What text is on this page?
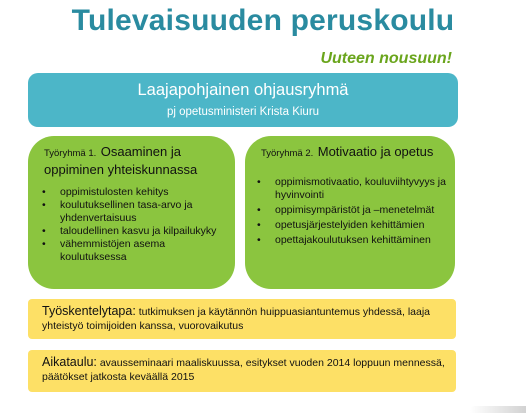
Tulevaisuuden peruskoulu
Uuteen nousuun!
Laajapohjainen ohjausryhmä
pj opetusministeri Krista Kiuru
Työryhmä 1. Osaaminen ja oppiminen yhteiskunnassa
• oppimistulosten kehitys
• koulutuksellinen tasa-arvo ja yhdenvertaisuus
• taloudellinen kasvu ja kilpailukyky
• vähemmistöjen asema koulutuksessa
Työryhmä 2. Motivaatio ja opetus
• oppimismotivaatio, kouluviihtyvyys ja hyvinvointi
• oppimisympäristöt ja –menetelmät
• opetusjärjestelyiden kehittämien
• opettajakoulutuksen kehittäminen
Työskentelytapa: tutkimuksen ja käytännön huippuasiantuntemus yhdessä, laaja yhteistyö toimijoiden kanssa, vuorovaikutus
Aikataulu: avausseminaari maaliskuussa, esitykset vuoden 2014 loppuun mennessä, päätökset jatkosta keväällä 2015
